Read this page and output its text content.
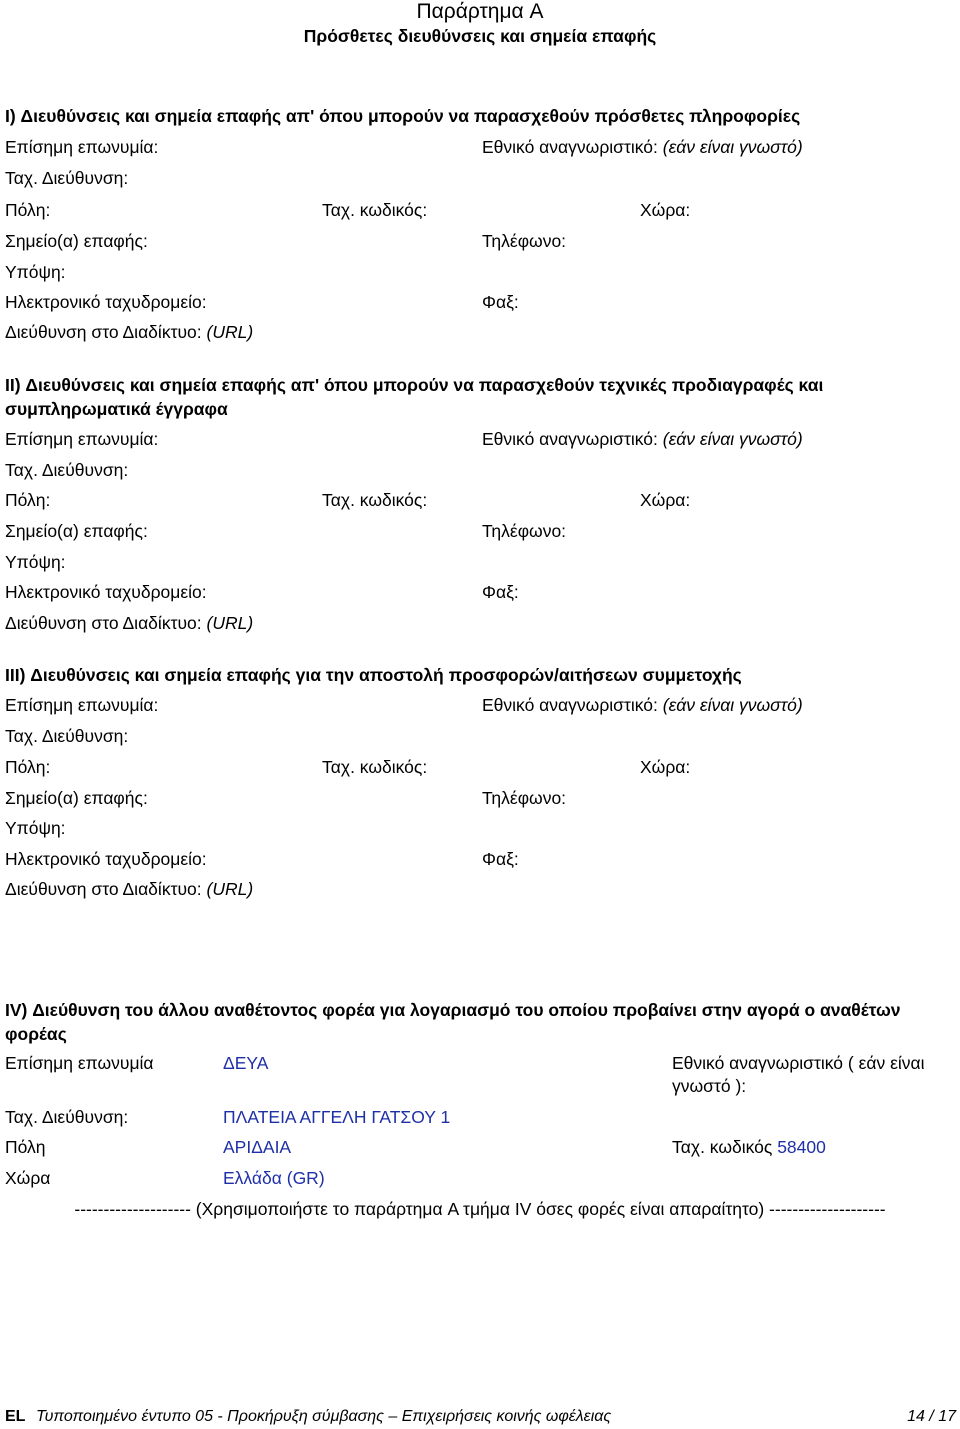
Παράρτημα A
Πρόσθετες διευθύνσεις και σημεία επαφής
I) Διευθύνσεις και σημεία επαφής απ' όπου μπορούν να παρασχεθούν πρόσθετες πληροφορίες
Επίσημη επωνυμία:	Εθνικό αναγνωριστικό: (εάν είναι γνωστό)
Ταχ. Διεύθυνση:
Πόλη:	Ταχ. κωδικός:	Χώρα:
Σημείο(α) επαφής:	Τηλέφωνο:
Υπόψη:
Ηλεκτρονικό ταχυδρομείο:	Φαξ:
Διεύθυνση στο Διαδίκτυο: (URL)
II) Διευθύνσεις και σημεία επαφής απ' όπου μπορούν να παρασχεθούν τεχνικές προδιαγραφές και συμπληρωματικά έγγραφα
Επίσημη επωνυμία:	Εθνικό αναγνωριστικό: (εάν είναι γνωστό)
Ταχ. Διεύθυνση:
Πόλη:	Ταχ. κωδικός:	Χώρα:
Σημείο(α) επαφής:	Τηλέφωνο:
Υπόψη:
Ηλεκτρονικό ταχυδρομείο:	Φαξ:
Διεύθυνση στο Διαδίκτυο: (URL)
III) Διευθύνσεις και σημεία επαφής για την αποστολή προσφορών/αιτήσεων συμμετοχής
Επίσημη επωνυμία:	Εθνικό αναγνωριστικό: (εάν είναι γνωστό)
Ταχ. Διεύθυνση:
Πόλη:	Ταχ. κωδικός:	Χώρα:
Σημείο(α) επαφής:	Τηλέφωνο:
Υπόψη:
Ηλεκτρονικό ταχυδρομείο:	Φαξ:
Διεύθυνση στο Διαδίκτυο: (URL)
IV) Διεύθυνση του άλλου αναθέτοντος φορέα για λογαριασμό του οποίου προβαίνει στην αγορά ο αναθέτων φορέας
Επίσημη επωνυμία	ΔΕΥΑ	Εθνικό αναγνωριστικό ( εάν είναι γνωστό ):
Ταχ. Διεύθυνση:	ΠΛΑΤΕΙΑ ΑΓΓΕΛΗ ΓΑΤΣΟΥ 1
Πόλη	ΑΡΙΔΑΙΑ	Ταχ. κωδικός 58400
Χώρα	Ελλάδα (GR)
-------------------- (Χρησιμοποιήστε το παράρτημα A τμήμα IV όσες φορές είναι απαραίτητο) --------------------
EL Τυποποιημένο έντυπο 05 - Προκήρυξη σύμβασης – Επιχειρήσεις κοινής ωφέλειας	14 / 17
